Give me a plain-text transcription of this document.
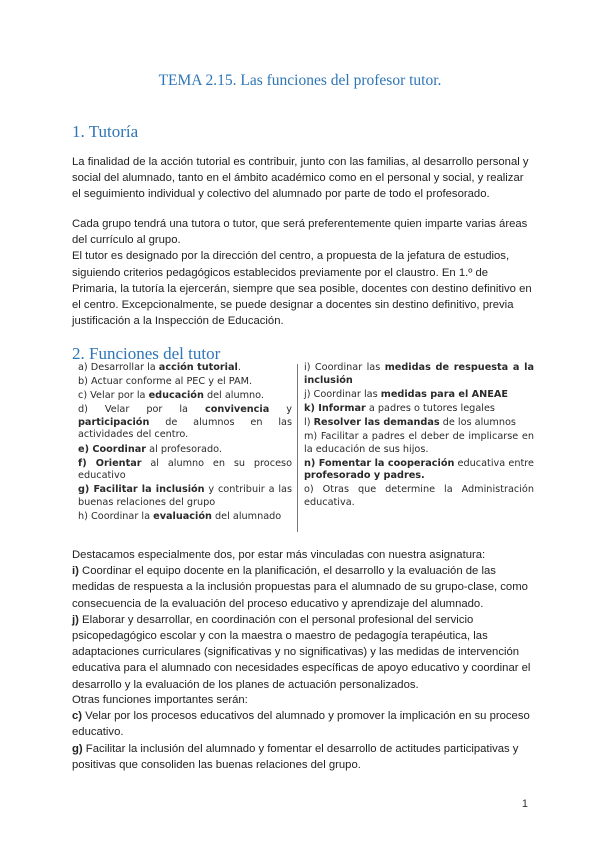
TEMA 2.15. Las funciones del profesor tutor.
1. Tutoría

La finalidad de la acción tutorial es contribuir, junto con las familias, al desarrollo personal y social del alumnado, tanto en el ámbito académico como en el personal y social, y realizar el seguimiento individual y colectivo del alumnado por parte de todo el profesorado.

Cada grupo tendrá una tutora o tutor, que será preferentemente quien imparte varias áreas del currículo al grupo.

El tutor es designado por la dirección del centro, a propuesta de la jefatura de estudios, siguiendo criterios pedagógicos establecidos previamente por el claustro. En 1.º de Primaria, la tutoría la ejercerán, siempre que sea posible, docentes con destino definitivo en el centro. Excepcionalmente, se puede designar a docentes sin destino definitivo, previa justificación a la Inspección de Educación.

2. Funciones del tutor
a) Desarrollar la acción tutorial.
b) Actuar conforme al PEC y el PAM.
c) Velar por la educación del alumno.
d) Velar por la convivencia y participación de alumnos en las actividades del centro.
e) Coordinar al profesorado.
f) Orientar al alumno en su proceso educativo
g) Facilitar la inclusión y contribuir a las buenas relaciones del grupo
h) Coordinar la evaluación del alumnado
i) Coordinar las medidas de respuesta a la inclusión
j) Coordinar las medidas para el ANEAE
k) Informar a padres o tutores legales
l) Resolver las demandas de los alumnos
m) Facilitar a padres el deber de implicarse en la educación de sus hijos.
n) Fomentar la cooperación educativa entre profesorado y padres.
o) Otras que determine la Administración educativa.

Destacamos especialmente dos, por estar más vinculadas con nuestra asignatura:

i) Coordinar el equipo docente en la planificación, el desarrollo y la evaluación de las medidas de respuesta a la inclusión propuestas para el alumnado de su grupo-clase, como consecuencia de la evaluación del proceso educativo y aprendizaje del alumnado.

j) Elaborar y desarrollar, en coordinación con el personal profesional del servicio psicopedagógico escolar y con la maestra o maestro de pedagogía terapéutica, las adaptaciones curriculares (significativas y no significativas) y las medidas de intervención educativa para el alumnado con necesidades específicas de apoyo educativo y coordinar el desarrollo y la evaluación de los planes de actuación personalizados.

Otras funciones importantes serán:

c) Velar por los procesos educativos del alumnado y promover la implicación en su proceso educativo.

g) Facilitar la inclusión del alumnado y fomentar el desarrollo de actitudes participativas y positivas que consoliden las buenas relaciones del grupo.

1
